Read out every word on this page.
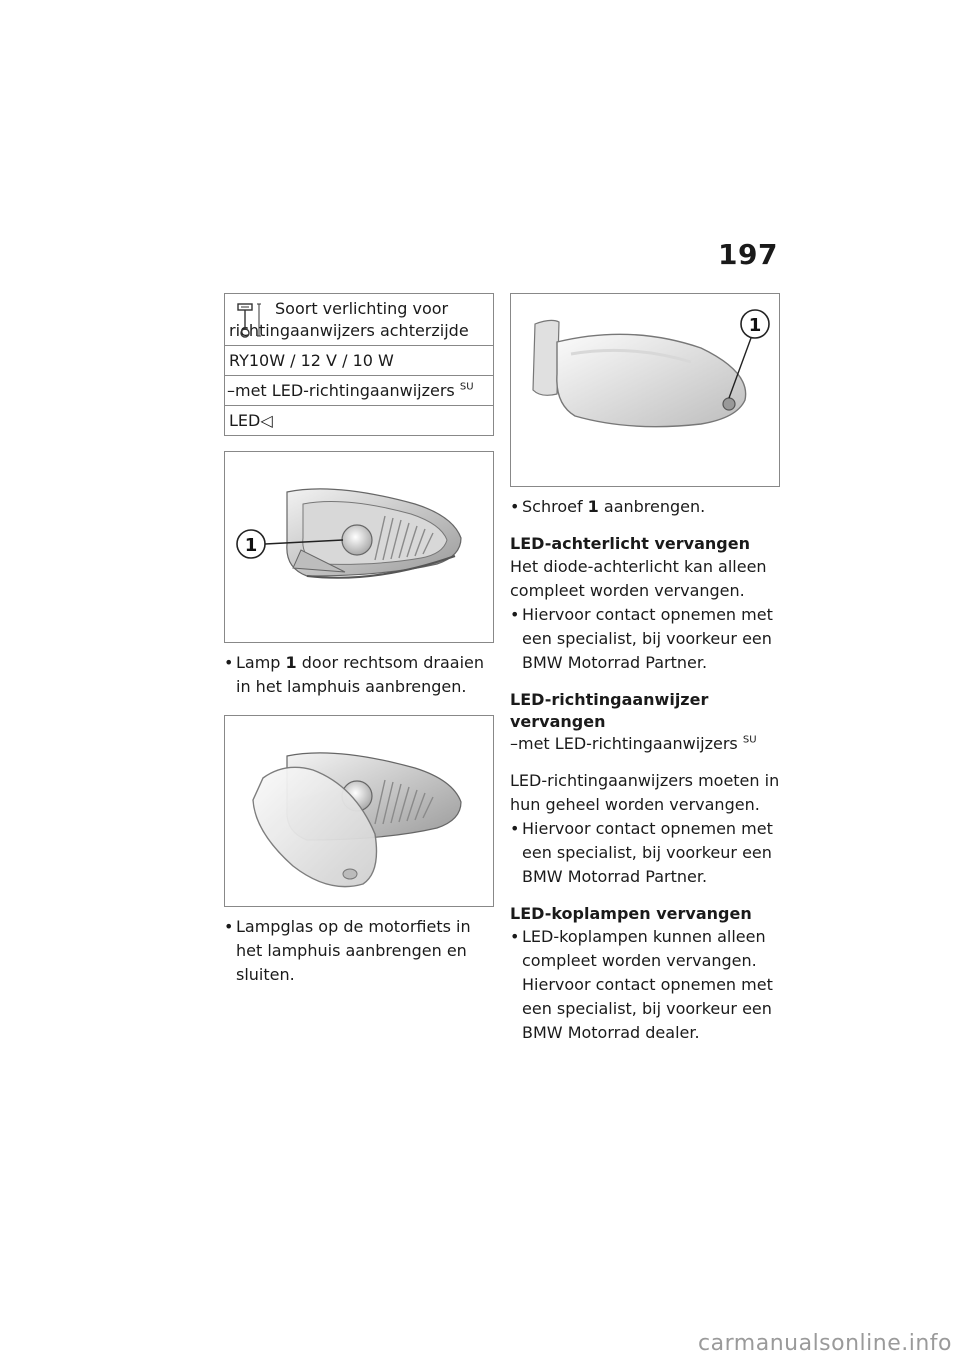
197
Soort verlichting voor richtingaanwijzers achterzijde
RY10W / 12 V / 10 W
–met LED-richtingaanwijzers $^{SU}$
LED◁
1

• Lamp 1 door rechtsom draaien in het lamphuis aanbrengen.

• Lampglas op de motorfiets in het lamphuis aanbrengen en sluiten.

1

• Schroef 1 aanbrengen.

LED-achterlicht vervangen

Het diode-achterlicht kan alleen compleet worden vervangen.

• Hiervoor contact opnemen met een specialist, bij voorkeur een BMW Motorrad Partner.

LED-richtingaanwijzer vervangen

–met LED-richtingaanwijzers $^{SU}$

LED-richtingaanwijzers moeten in hun geheel worden vervangen.

• Hiervoor contact opnemen met een specialist, bij voorkeur een BMW Motorrad Partner.

LED-koplampen vervangen

• LED-koplampen kunnen alleen compleet worden vervangen. Hiervoor contact opnemen met een specialist, bij voorkeur een BMW Motorrad dealer.

carmanualsonline.info
